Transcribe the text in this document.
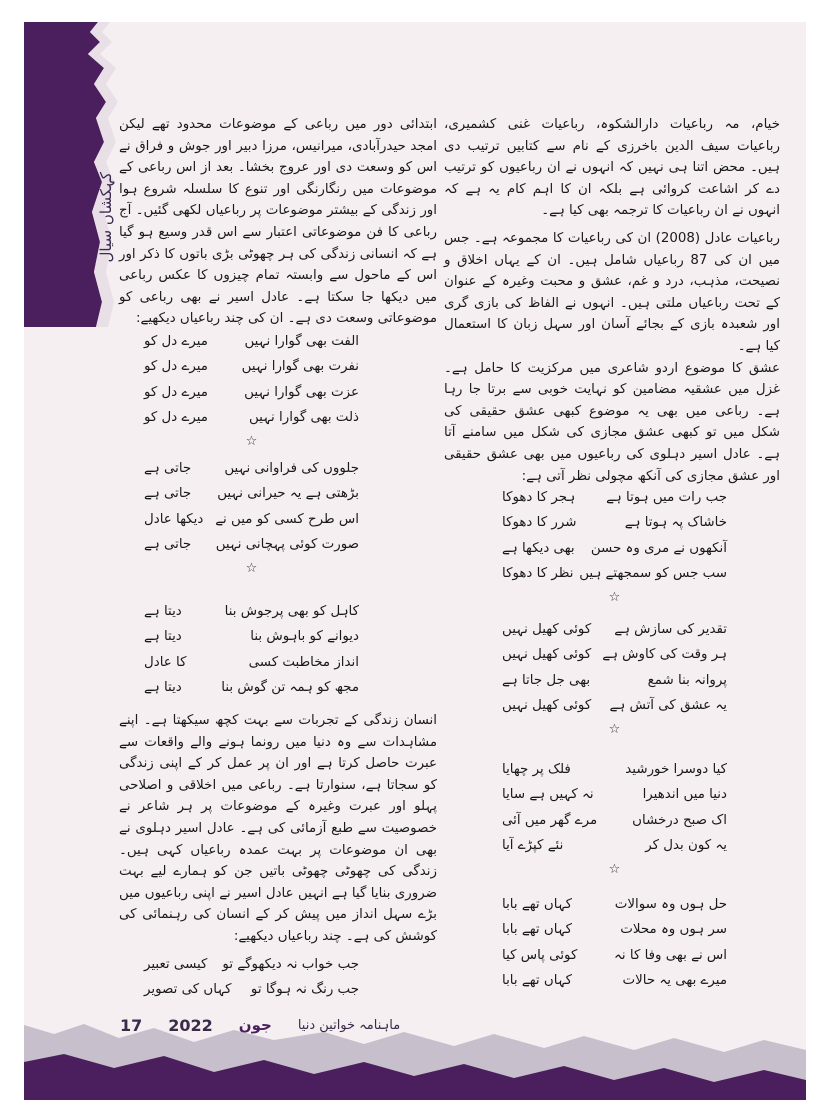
کہکشاں سیال

خیام، مہ رباعیات دارالشکوہ، رباعیات غنی کشمیری، رباعیات سیف الدین باخرزی کے نام سے کتابیں ترتیب دی ہیں۔ محض اتنا ہی نہیں کہ انہوں نے ان رباعیوں کو ترتیب دے کر اشاعت کروائی ہے بلکہ ان کا اہم کام یہ ہے کہ انہوں نے ان رباعیات کا ترجمہ بھی کیا ہے۔

رباعیات عادل (2008) ان کی رباعیات کا مجموعہ ہے۔ جس میں ان کی 87 رباعیاں شامل ہیں۔ ان کے یہاں اخلاق و نصیحت، مذہب، درد و غم، عشق و محبت وغیرہ کے عنوان کے تحت رباعیاں ملتی ہیں۔ انہوں نے الفاظ کی بازی گری اور شعبدہ بازی کے بجائے آسان اور سہل زبان کا استعمال کیا ہے۔

عشق کا موضوع اردو شاعری میں مرکزیت کا حامل ہے۔ غزل میں عشقیہ مضامین کو نہایت خوبی سے برتا جا رہا ہے۔ رباعی میں بھی یہ موضوع کبھی عشق حقیقی کی شکل میں تو کبھی عشق مجازی کی شکل میں سامنے آتا ہے۔ عادل اسیر دہلوی کی رباعیوں میں بھی عشق حقیقی اور عشق مجازی کی آنکھ مچولی نظر آتی ہے:

ابتدائی دور میں رباعی کے موضوعات محدود تھے لیکن امجد حیدرآبادی، میرانیس، مرزا دبیر اور جوش و فراق نے اس کو وسعت دی اور عروج بخشا۔ بعد از اس رباعی کے موضوعات میں رنگارنگی اور تنوع کا سلسلہ شروع ہوا اور زندگی کے بیشتر موضوعات پر رباعیاں لکھی گئیں۔ آج رباعی کا فن موضوعاتی اعتبار سے اس قدر وسیع ہو گیا ہے کہ انسانی زندگی کی ہر چھوٹی بڑی باتوں کا ذکر اور اس کے ماحول سے وابستہ تمام چیزوں کا عکس رباعی میں دیکھا جا سکتا ہے۔ عادل اسیر نے بھی رباعی کو موضوعاتی وسعت دی ہے۔ ان کی چند رباعیاں دیکھیے:

الفت بھی گوارا نہیں
میرے دل کو
نفرت بھی گوارا نہیں
میرے دل کو
عزت بھی گوارا نہیں
میرے دل کو
ذلت بھی گوارا نہیں
میرے دل کو
☆
جلووں کی فراوانی نہیں
جاتی ہے
بڑھتی ہے یہ حیرانی نہیں
جاتی ہے
اس طرح کسی کو میں نے
دیکھا عادل
صورت کوئی پہچانی نہیں
جاتی ہے
☆
کاہل کو بھی پرجوش بنا
دیتا ہے
دیوانے کو باہوش بنا
دیتا ہے
انداز مخاطبت کسی
کا عادل
مجھ کو ہمہ تن گوش بنا
دیتا ہے

انسان زندگی کے تجربات سے بہت کچھ سیکھتا ہے۔ اپنے مشاہدات سے وہ دنیا میں رونما ہونے والے واقعات سے عبرت حاصل کرتا ہے اور ان پر عمل کر کے اپنی زندگی کو سجاتا ہے، سنوارتا ہے۔ رباعی میں اخلاقی و اصلاحی پہلو اور عبرت وغیرہ کے موضوعات پر ہر شاعر نے خصوصیت سے طبع آزمائی کی ہے۔ عادل اسیر دہلوی نے بھی ان موضوعات پر بہت عمدہ رباعیاں کہی ہیں۔ زندگی کی چھوٹی چھوٹی باتیں جن کو ہمارے لیے بہت ضروری بنایا گیا ہے انہیں عادل اسیر نے اپنی رباعیوں میں بڑے سہل انداز میں پیش کر کے انسان کی رہنمائی کی کوشش کی ہے۔ چند رباعیاں دیکھیے:

جب خواب نہ دیکھوگے تو
کیسی تعبیر
جب رنگ نہ ہوگا تو
کہاں کی تصویر
جب رات میں ہوتا ہے
ہجر کا دھوکا
خاشاک پہ ہوتا ہے
شرر کا دھوکا
آنکھوں نے مری وہ حسن
بھی دیکھا ہے
سب جس کو سمجھتے ہیں
نظر کا دھوکا
☆
تقدیر کی سازش ہے
کوئی کھیل نہیں
ہر وقت کی کاوش ہے
کوئی کھیل نہیں
پروانہ بنا شمع
بھی جل جاتا ہے
یہ عشق کی آتش ہے
کوئی کھیل نہیں
☆
کیا دوسرا خورشید
فلک پر چھایا
دنیا میں اندھیرا
نہ کہیں ہے سایا
اک صبح درخشاں
مرے گھر میں آئی
یہ کون بدل کر
نئے کپڑے آیا
☆
حل ہوں وہ سوالات
کہاں تھے بابا
سر ہوں وہ محلات
کہاں تھے بابا
اس نے بھی وفا کا نہ
کوئی پاس کیا
میرے بھی یہ حالات
کہاں تھے بابا
17 2022 جون ماہنامہ خواتین دنیا
